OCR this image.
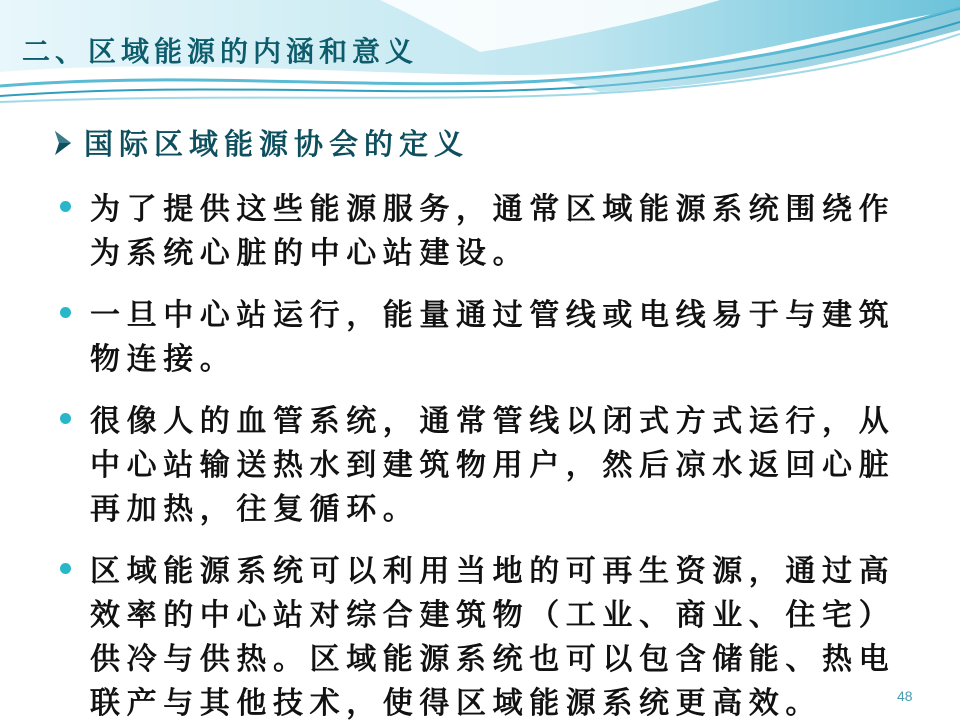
二、区域能源的内涵和意义
国际区域能源协会的定义
为了提供这些能源服务，通常区域能源系统围绕作为系统心脏的中心站建设。
一旦中心站运行，能量通过管线或电线易于与建筑物连接。
很像人的血管系统，通常管线以闭式方式运行，从中心站输送热水到建筑物用户，然后凉水返回心脏再加热，往复循环。
区域能源系统可以利用当地的可再生资源，通过高效率的中心站对综合建筑物（工业、商业、住宅）供冷与供热。区域能源系统也可以包含储能、热电联产与其他技术，使得区域能源系统更高效。	48
